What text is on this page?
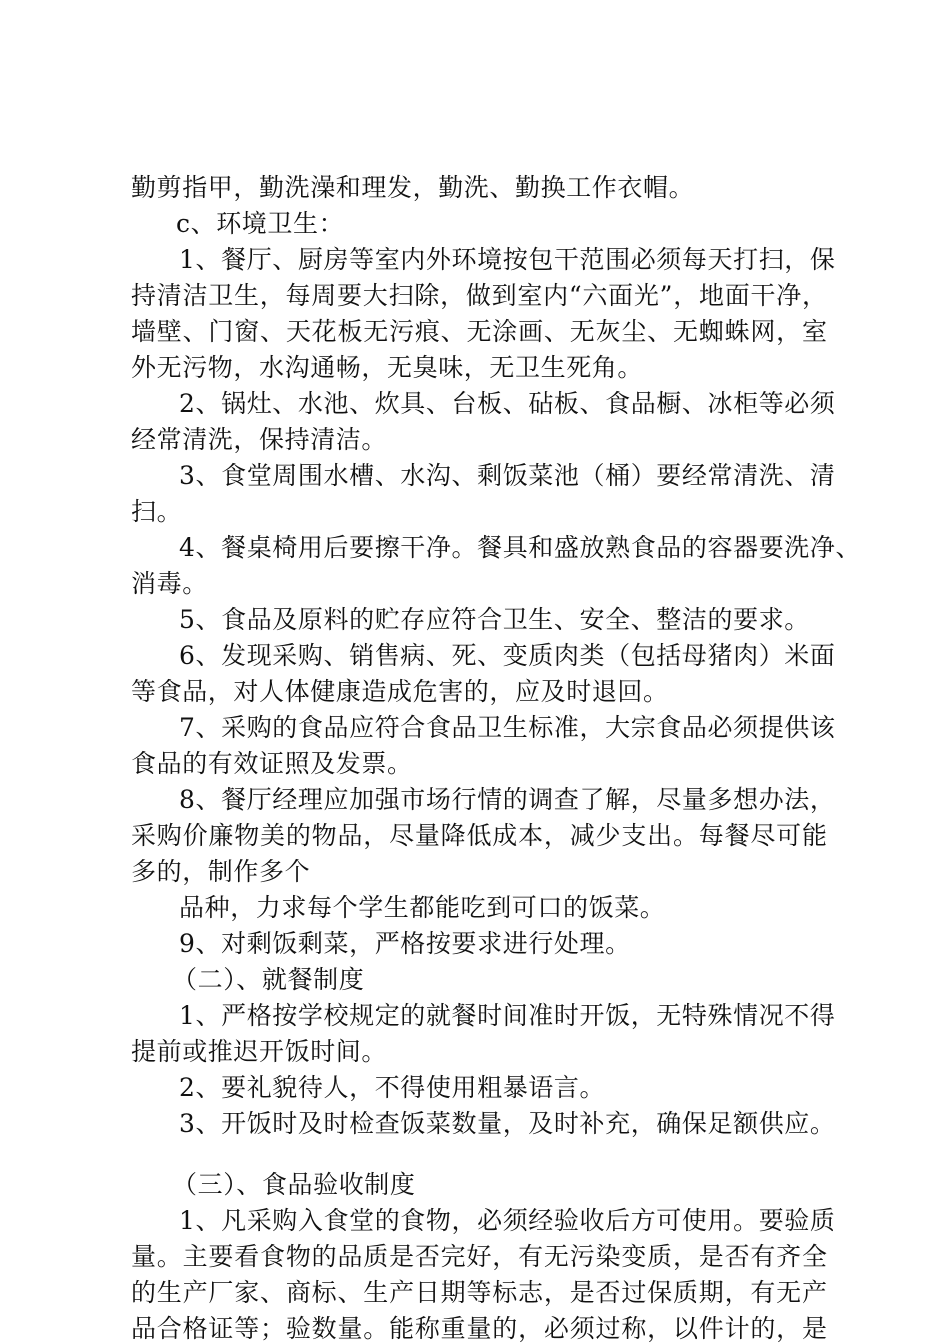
勤剪指甲，勤洗澡和理发，勤洗、勤换工作衣帽。
c、环境卫生：
1、餐厅、厨房等室内外环境按包干范围必须每天打扫，保
持清洁卫生，每周要大扫除，做到室内“六面光”，地面干净，
墙壁、门窗、天花板无污痕、无涂画、无灰尘、无蜘蛛网，室
外无污物，水沟通畅，无臭味，无卫生死角。
2、锅灶、水池、炊具、台板、砧板、食品橱、冰柜等必须
经常清洗，保持清洁。
3、食堂周围水槽、水沟、剩饭菜池（桶）要经常清洗、清
扫。
4、餐桌椅用后要擦干净。餐具和盛放熟食品的容器要洗净、
消毒。
5、食品及原料的贮存应符合卫生、安全、整洁的要求。
6、发现采购、销售病、死、变质肉类（包括母猪肉）米面
等食品，对人体健康造成危害的，应及时退回。
7、采购的食品应符合食品卫生标准，大宗食品必须提供该
食品的有效证照及发票。
8、餐厅经理应加强市场行情的调查了解，尽量多想办法，
采购价廉物美的物品，尽量降低成本，减少支出。每餐尽可能
多的，制作多个
品种，力求每个学生都能吃到可口的饭菜。
9、对剩饭剩菜，严格按要求进行处理。
（二）、就餐制度
1、严格按学校规定的就餐时间准时开饭，无特殊情况不得
提前或推迟开饭时间。
2、要礼貌待人，不得使用粗暴语言。
3、开饭时及时检查饭菜数量，及时补充，确保足额供应。
（三）、食品验收制度
1、凡采购入食堂的食物，必须经验收后方可使用。要验质
量。主要看食物的品质是否完好，有无污染变质，是否有齐全
的生产厂家、商标、生产日期等标志，是否过保质期，有无产
品合格证等；验数量。能称重量的，必须过称，以件计的，是
